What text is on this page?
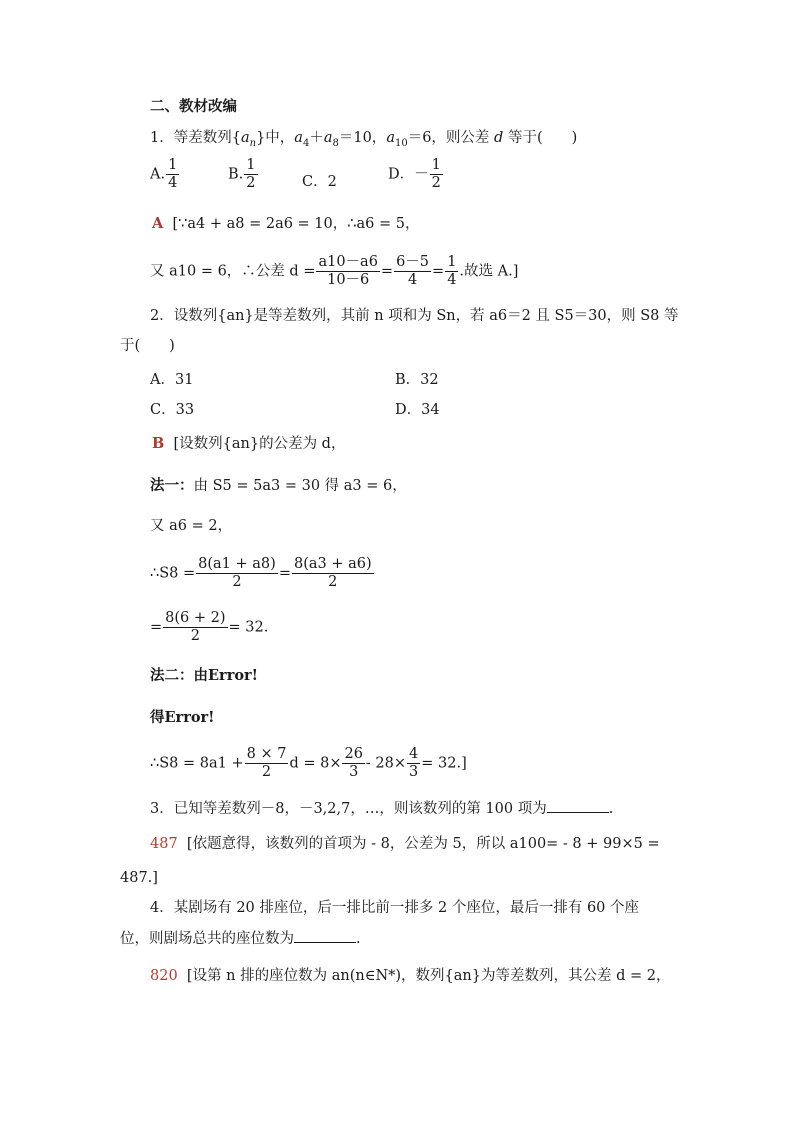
二、教材改编
1．等差数列$\{a_n\}$中，$a_4+a_8=10$，$a_{10}=6$，则公差 d 等于(　　)
A. $\frac{1}{4}$	B. $\frac{1}{2}$	C．2	D．－ $\frac{1}{2}$
A [∵a4 + a8 = 2a6 = 10，∴a6 = 5，
又 a10 = 6，∴公差 $d = \frac{a10-a6}{10-6} = \frac{6-5}{4} = \frac{1}{4}$ .故选 A.]
2．设数列{an}是等差数列，其前 n 项和为 Sn，若 a6＝2 且 S5＝30，则 S8 等
于(　　)
A．31	B．32
C．33	D．34
B [设数列{an}的公差为 d，
法一：由 S5 = 5a3 = 30 得 a3 = 6，
又 a6 = 2，
∴S8 = $\frac{8(a1 + a8)}{2} = \frac{8(a3 + a6)}{2}$
= $\frac{8(6 + 2)}{2} = 32$.
法二：由Error!
得Error!
∴S8 = $8a1 + \frac{8 \times 7}{2}$ $d = 8\times \frac{26}{3} - 28\times \frac{4}{3} = 32$.]
3．已知等差数列－8，－3,2,7，…，则该数列的第 100 项为	.
487 [依题意得，该数列的首项为 - 8，公差为 5，所以 a100= - 8 + 99×5 =
487.]
4．某剧场有 20 排座位，后一排比前一排多 2 个座位，最后一排有 60 个座
位，则剧场总共的座位数为	.
820 [设第 n 排的座位数为 an(n∈N*)，数列{an}为等差数列，其公差 d = 2，
